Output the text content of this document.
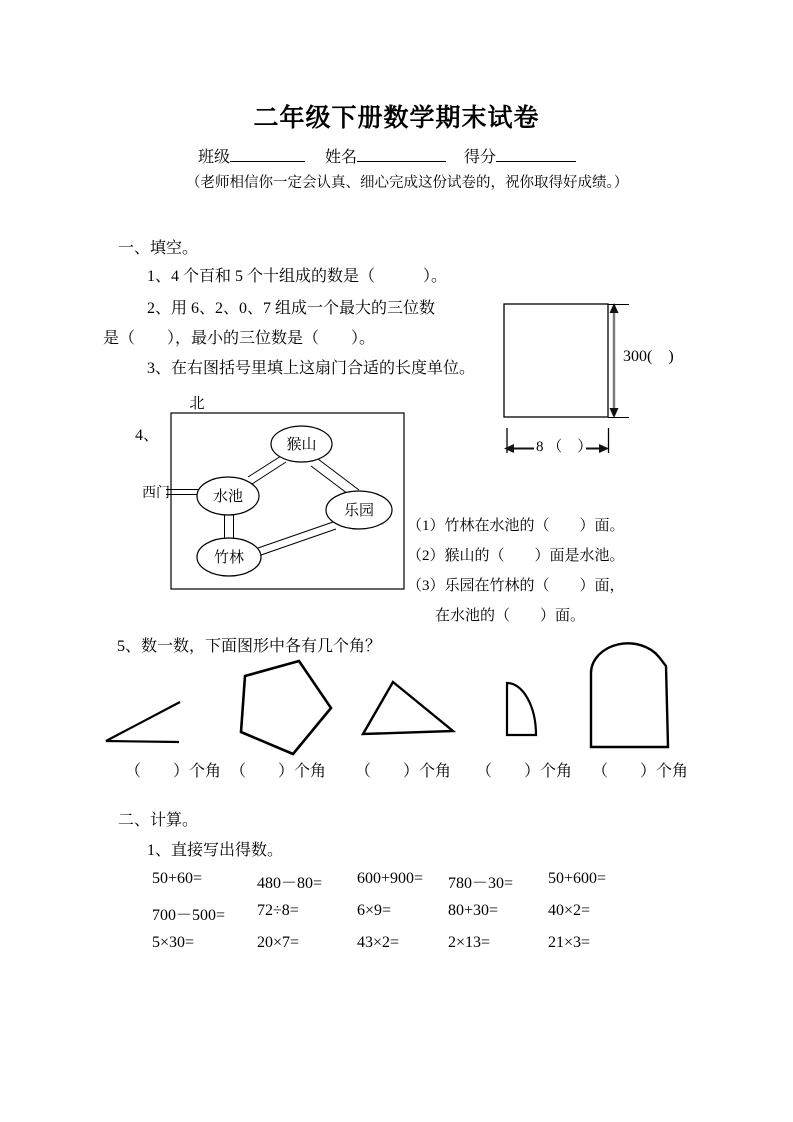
二年级下册数学期末试卷
班级	姓名	得分
（老师相信你一定会认真、细心完成这份试卷的，祝你取得好成绩。）
一、填空。
1、4 个百和 5 个十组成的数是（　　　）。
2、用 6、2、0、7 组成一个最大的三位数
是（　　），最小的三位数是（　　）。
3、在右图括号里填上这扇门合适的长度单位。
300(　)
8 （　）
北
4、
猴山
水池
乐园
竹林
西门
（1）竹林在水池的（　　）面。
（2）猴山的（　　）面是水池。
（3）乐园在竹林的（　　）面，
在水池的（　　）面。
5、数一数，下面图形中各有几个角？
（　　）个角 （　　）个角 （　　）个角 （　　）个角 （　　）个角
二、计算。
1、直接写出得数。
50+60=	480－80= 600+900= 780－30= 50+600=
700－500= 72÷8=	6×9=	80+30=	40×2=
5×30=	20×7=	43×2=	2×13=	21×3=
